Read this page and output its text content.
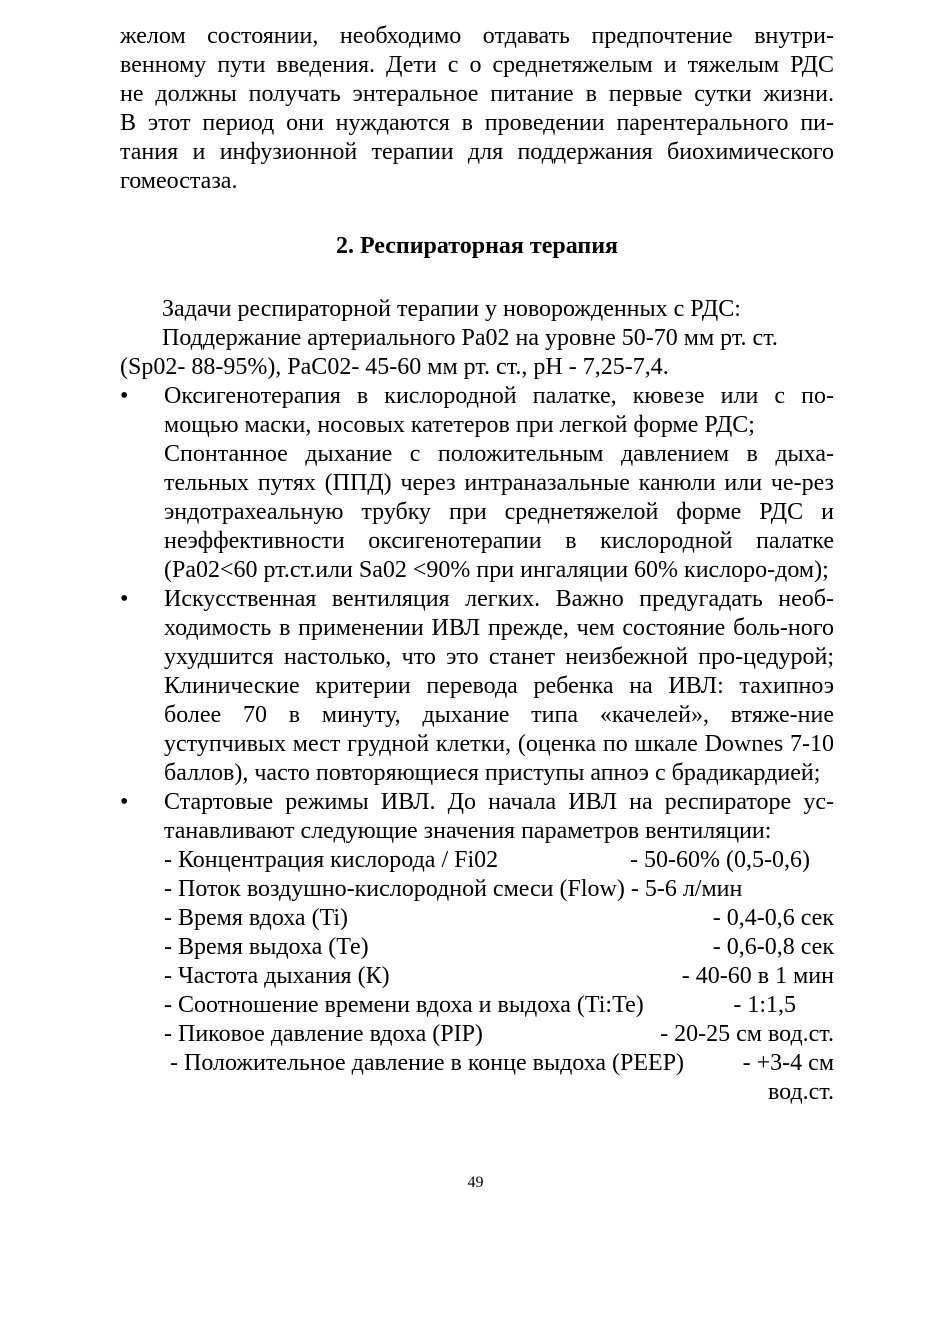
желом состоянии, необходимо отдавать предпочтение внутри-
венному пути введения. Дети с о среднетяжелым и тяжелым РДС
не должны получать энтеральное питание в первые сутки жизни.
В этот период они нуждаются в проведении парентерального пи-
тания и инфузионной терапии для поддержания биохимического
гомеостаза.
2. Респираторная терапия

Задачи респираторной терапии у новорожденных с РДС:

Поддержание артериального Ра02 на уровне 50-70 мм рт. ст.

(Sp02- 88-95%), РаС02- 45-60 мм рт. ст., рН - 7,25-7,4.

•	Оксигенотерапия в кислородной палатке, кювезе или с по-мощью маски, носовых катетеров при легкой форме РДС;

Спонтанное дыхание с положительным давлением в дыха-тельных путях (ППД) через интраназальные канюли или че-рез эндотрахеальную трубку при среднетяжелой форме РДС и неэффективности оксигенотерапии в кислородной палатке (Ра02<60 рт.ст.или Sa02 <90% при ингаляции 60% кислоро-дом);

•	Искусственная вентиляция легких. Важно предугадать необ-ходимость в применении ИВЛ прежде, чем состояние боль-ного ухудшится настолько, что это станет неизбежной про-цедурой; Клинические критерии перевода ребенка на ИВЛ: тахипноэ более 70 в минуту, дыхание типа «качелей», втяже-ние уступчивых мест грудной клетки, (оценка по шкале Downes 7-10 баллов), часто повторяющиеся приступы апноэ с брадикардией;

•	Стартовые режимы ИВЛ. До начала ИВЛ на респираторе ус-танавливают следующие значения параметров вентиляции:

- Концентрация кислорода / Fi02	- 50-60% (0,5-0,6)
- Поток воздушно-кислородной смеси (Flow) - 5-6 л/мин
- Время вдоха (Ti)	- 0,4-0,6 сек
- Время выдоха (Те)	- 0,6-0,8 сек
- Частота дыхания (К)	- 40-60 в 1 мин
- Соотношение времени вдоха и выдоха (Ti:Te)	- 1:1,5
- Пиковое давление вдоха (PIP)	- 20-25 см вод.ст.
- Положительное давление в конце выдоха (PEEP) - +3-4 см

вод.ст.

49
